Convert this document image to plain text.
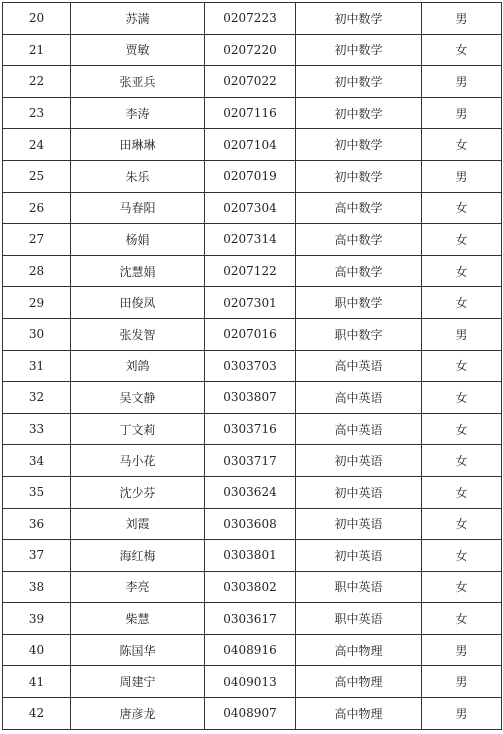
20	苏满	0207223	初中数学	男
21	贾敏	0207220	初中数学	女
22	张亚兵	0207022	初中数学	男
23	李涛	0207116	初中数学	男
24	田琳琳	0207104	初中数学	女
25	朱乐	0207019	初中数学	男
26	马春阳	0207304	高中数学	女
27	杨娟	0207314	高中数学	女
28	沈慧娟	0207122	高中数学	女
29	田俊凤	0207301	职中数学	女
30	张发智	0207016	职中数字	男
31	刘鸽	0303703	高中英语	女
32	吴文静	0303807	高中英语	女
33	丁文莉	0303716	高中英语	女
34	马小花	0303717	初中英语	女
35	沈少芬	0303624	初中英语	女
36	刘霞	0303608	初中英语	女
37	海红梅	0303801	初中英语	女
38	李亮	0303802	职中英语	女
39	柴慧	0303617	职中英语	女
40	陈国华	0408916	高中物理	男
41	周建宁	0409013	高中物理	男
42	唐彦龙	0408907	高中物理	男
